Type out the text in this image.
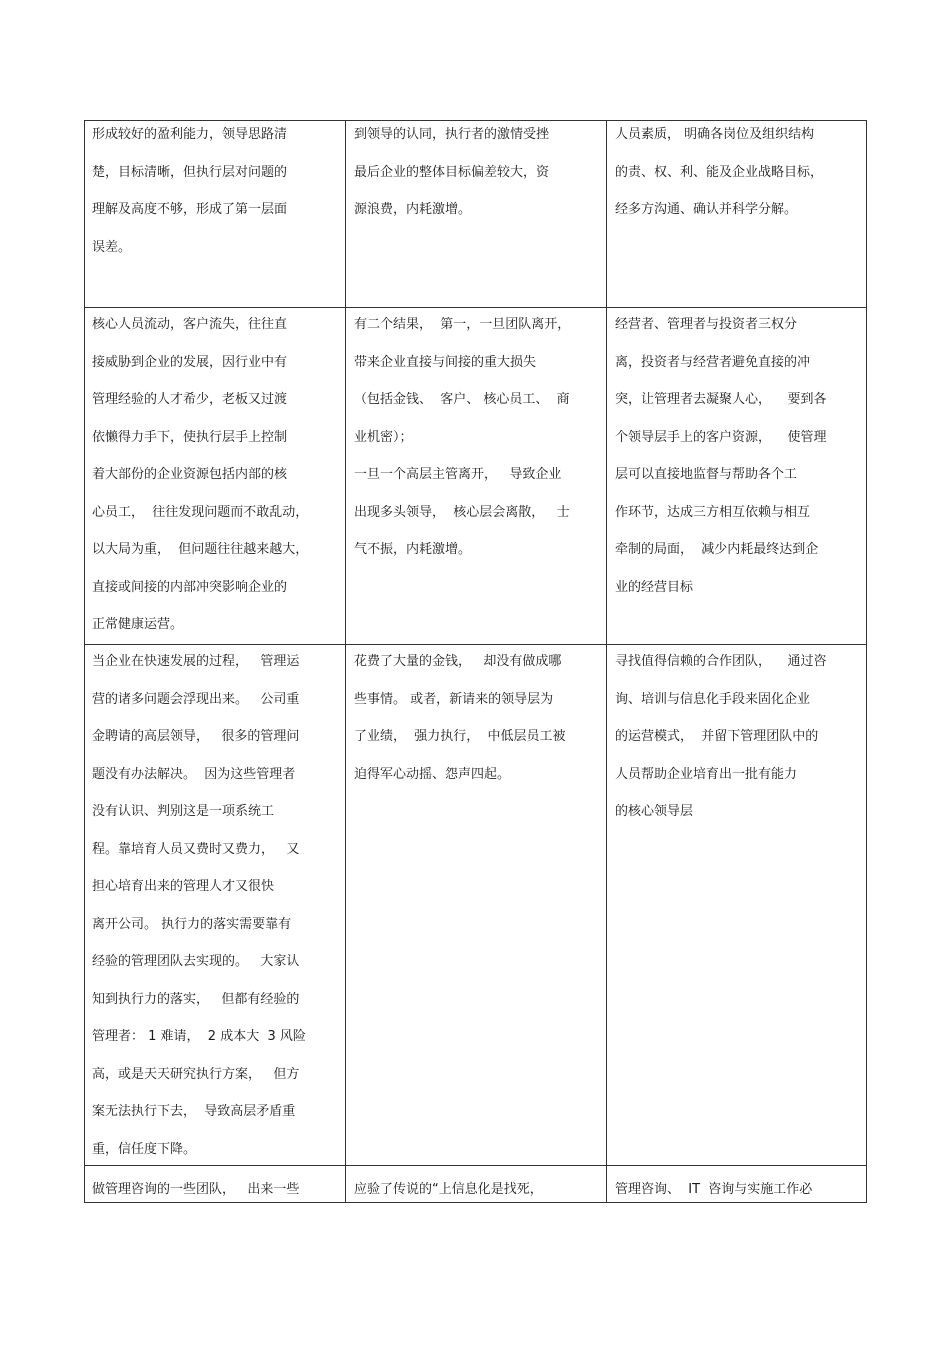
形成较好的盈利能力，领导思路清
楚，目标清晰，但执行层对问题的
理解及高度不够，形成了第一层面
误差。
到领导的认同，执行者的激情受挫
最后企业的整体目标偏差较大，资
源浪费，内耗激增。
人员素质， 明确各岗位及组织结构
的责、权、利、能及企业战略目标，
经多方沟通、确认并科学分解。
核心人员流动，客户流失，往往直
接威胁到企业的发展，因行业中有
管理经验的人才希少，老板又过渡
依懒得力手下，使执行层手上控制
着大部份的企业资源包括内部的核
心员工，  往往发现问题而不敢乱动，
以大局为重，  但问题往往越来越大，
直接或间接的内部冲突影响企业的
正常健康运营。
有二个结果，  第一，一旦团队离开，
带来企业直接与间接的重大损失
（包括金钱、  客户、 核心员工、  商
业机密）；
一旦一个高层主管离开，   导致企业
出现多头领导，  核心层会离散，   士
气不振，内耗激增。
经营者、管理者与投资者三权分
离，投资者与经营者避免直接的冲
突，让管理者去凝聚人心，    要到各
个领导层手上的客户资源，    使管理
层可以直接地监督与帮助各个工
作环节，达成三方相互依赖与相互
牵制的局面，  减少内耗最终达到企
业的经营目标
当企业在快速发展的过程，   管理运
营的诸多问题会浮现出来。   公司重
金聘请的高层领导，   很多的管理问
题没有办法解决。  因为这些管理者
没有认识、判别这是一项系统工
程。靠培育人员又费时又费力，   又
担心培育出来的管理人才又很快
离开公司。 执行力的落实需要靠有
经验的管理团队去实现的。   大家认
知到执行力的落实，   但都有经验的
管理者： 1 难请，  2 成本大  3 风险
高，或是天天研究执行方案，   但方
案无法执行下去，  导致高层矛盾重
重，信任度下降。
花费了大量的金钱，   却没有做成哪
些事情。 或者，新请来的领导层为
了业绩，  强力执行，  中低层员工被
迫得军心动摇、怨声四起。
寻找值得信赖的合作团队，    通过咨
询、培训与信息化手段来固化企业
的运营模式，  并留下管理团队中的
人员帮助企业培育出一批有能力
的核心领导层
做管理咨询的一些团队，   出来一些	应验了传说的“上信息化是找死，	管理咨询、  IT  咨询与实施工作必
